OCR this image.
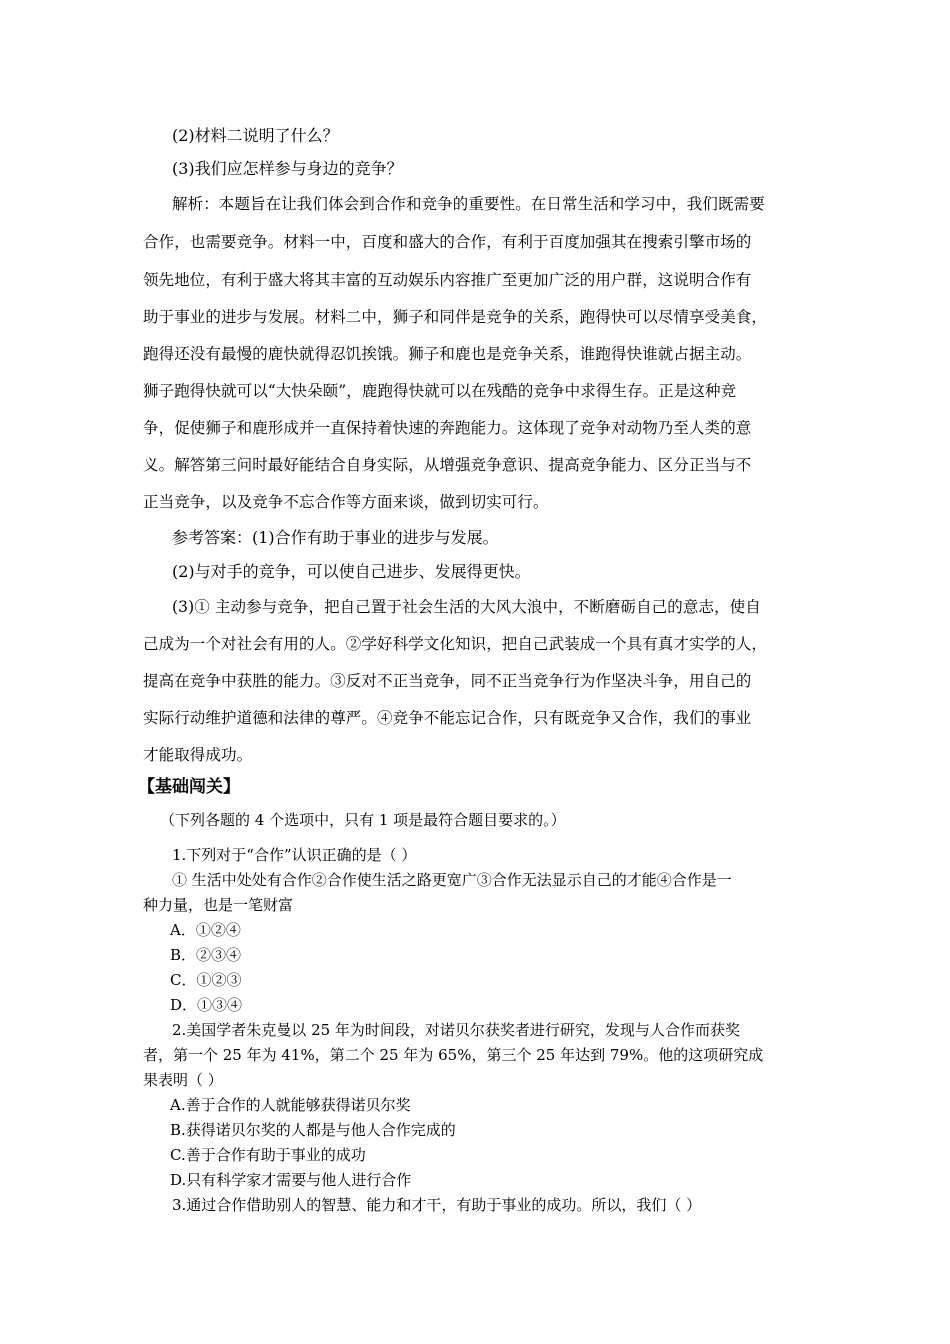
(2)材料二说明了什么？
(3)我们应怎样参与身边的竞争？
解析：本题旨在让我们体会到合作和竞争的重要性。在日常生活和学习中，我们既需要
合作，也需要竞争。材料一中，百度和盛大的合作，有利于百度加强其在搜索引擎市场的
领先地位，有利于盛大将其丰富的互动娱乐内容推广至更加广泛的用户群，这说明合作有
助于事业的进步与发展。材料二中，狮子和同伴是竞争的关系，跑得快可以尽情享受美食，
跑得还没有最慢的鹿快就得忍饥挨饿。狮子和鹿也是竞争关系，谁跑得快谁就占据主动。
狮子跑得快就可以“大快朵颐”，鹿跑得快就可以在残酷的竞争中求得生存。正是这种竞
争，促使狮子和鹿形成并一直保持着快速的奔跑能力。这体现了竞争对动物乃至人类的意
义。解答第三问时最好能结合自身实际，从增强竞争意识、提高竞争能力、区分正当与不
正当竞争，以及竞争不忘合作等方面来谈，做到切实可行。
参考答案：(1)合作有助于事业的进步与发展。
(2)与对手的竞争，可以使自己进步、发展得更快。
(3)① 主动参与竞争，把自己置于社会生活的大风大浪中，不断磨砺自己的意志，使自
己成为一个对社会有用的人。②学好科学文化知识，把自己武装成一个具有真才实学的人，
提高在竞争中获胜的能力。③反对不正当竞争，同不正当竞争行为作坚决斗争，用自己的
实际行动维护道德和法律的尊严。④竞争不能忘记合作，只有既竞争又合作，我们的事业
才能取得成功。
【基础闯关】
（下列各题的 4 个选项中，只有 1 项是最符合题目要求的。）
1.下列对于“合作”认识正确的是（ ）
① 生活中处处有合作②合作使生活之路更宽广③合作无法显示自己的才能④合作是一
种力量，也是一笔财富
A．①②④
B．②③④
C．①②③
D．①③④
2.美国学者朱克曼以 25 年为时间段，对诺贝尔获奖者进行研究，发现与人合作而获奖
者，第一个 25 年为 41%，第二个 25 年为 65%，第三个 25 年达到 79%。他的这项研究成
果表明（ ）
A.善于合作的人就能够获得诺贝尔奖
B.获得诺贝尔奖的人都是与他人合作完成的
C.善于合作有助于事业的成功
D.只有科学家才需要与他人进行合作
3.通过合作借助别人的智慧、能力和才干，有助于事业的成功。所以，我们（ ）
